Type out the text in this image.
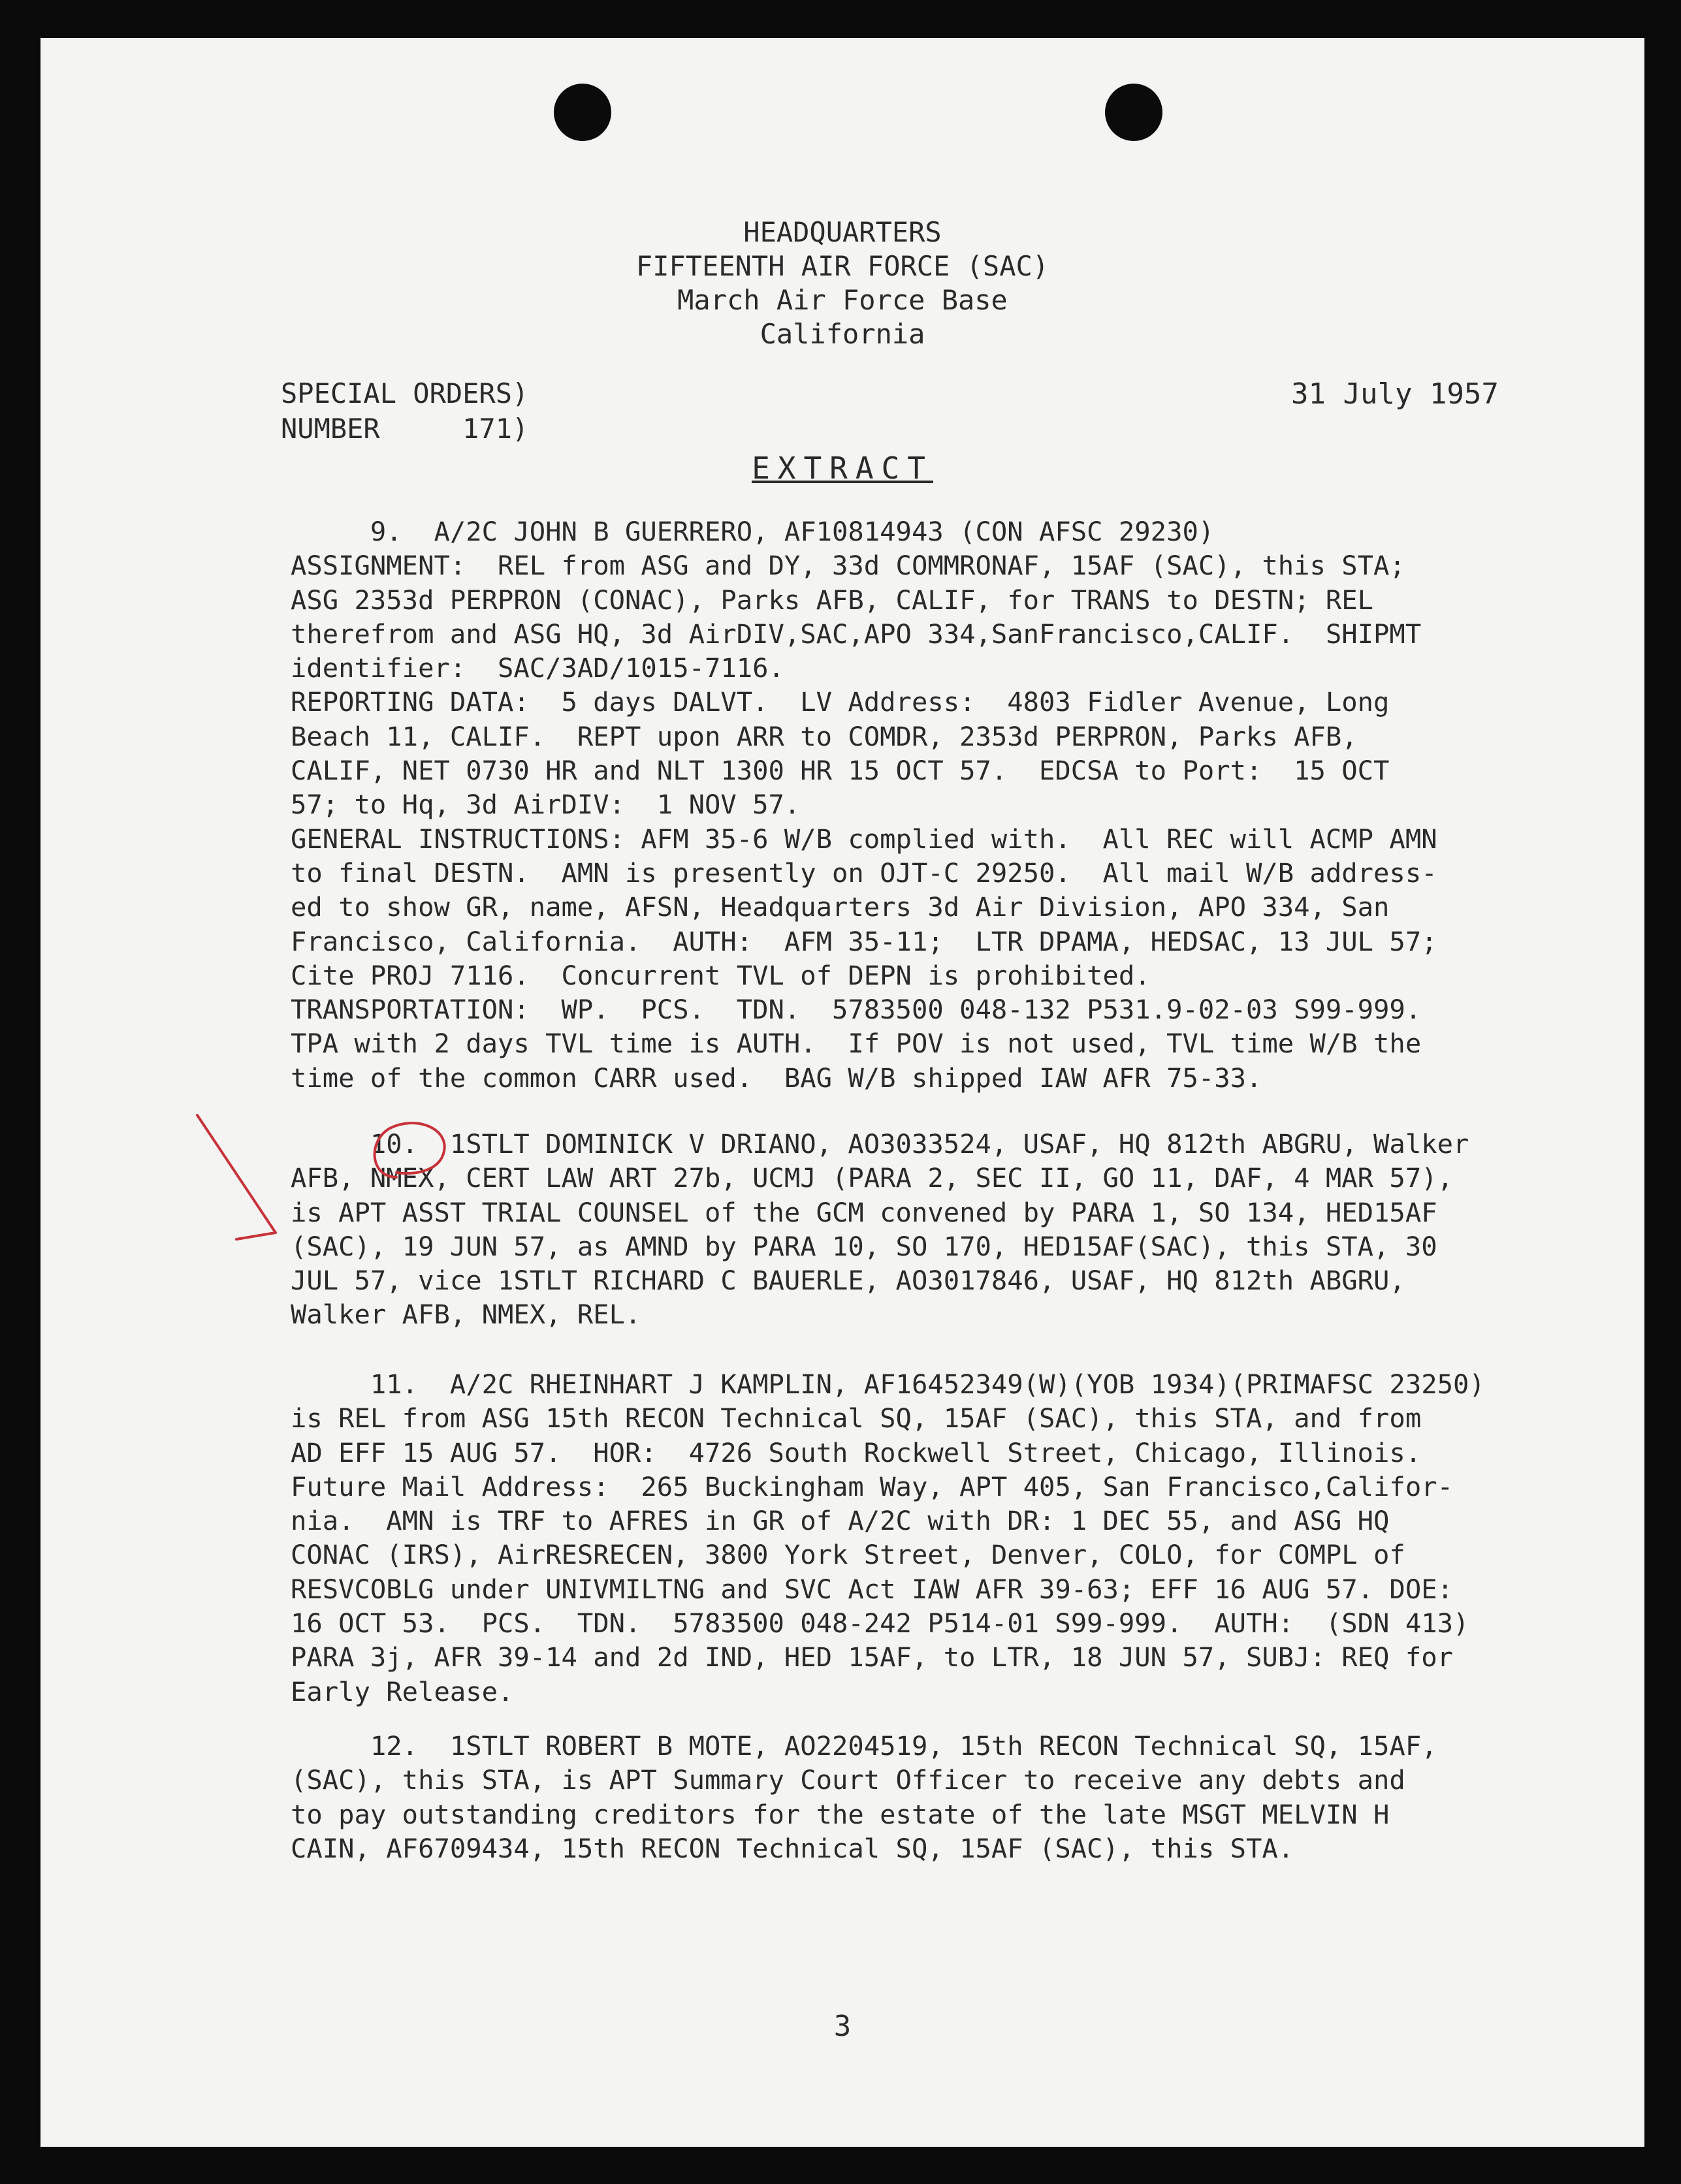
HEADQUARTERS
FIFTEENTH AIR FORCE (SAC)
March Air Force Base
California
SPECIAL ORDERS)
NUMBER     171)
31 July 1957
EXTRACT
9.  A/2C JOHN B GUERRERO, AF10814943 (CON AFSC 29230)
ASSIGNMENT:  REL from ASG and DY, 33d COMMRONAF, 15AF (SAC), this STA;
ASG 2353d PERPRON (CONAC), Parks AFB, CALIF, for TRANS to DESTN; REL
therefrom and ASG HQ, 3d AirDIV,SAC,APO 334,SanFrancisco,CALIF.  SHIPMT
identifier:  SAC/3AD/1015-7116.
REPORTING DATA:  5 days DALVT.  LV Address:  4803 Fidler Avenue, Long
Beach 11, CALIF.  REPT upon ARR to COMDR, 2353d PERPRON, Parks AFB,
CALIF, NET 0730 HR and NLT 1300 HR 15 OCT 57.  EDCSA to Port:  15 OCT
57; to Hq, 3d AirDIV:  1 NOV 57.
GENERAL INSTRUCTIONS: AFM 35-6 W/B complied with.  All REC will ACMP AMN
to final DESTN.  AMN is presently on OJT-C 29250.  All mail W/B address-
ed to show GR, name, AFSN, Headquarters 3d Air Division, APO 334, San
Francisco, California.  AUTH:  AFM 35-11;  LTR DPAMA, HEDSAC, 13 JUL 57;
Cite PROJ 7116.  Concurrent TVL of DEPN is prohibited.
TRANSPORTATION:  WP.  PCS.  TDN.  5783500 048-132 P531.9-02-03 S99-999.
TPA with 2 days TVL time is AUTH.  If POV is not used, TVL time W/B the
time of the common CARR used.  BAG W/B shipped IAW AFR 75-33.
10.  1STLT DOMINICK V DRIANO, AO3033524, USAF, HQ 812th ABGRU, Walker
AFB, NMEX, CERT LAW ART 27b, UCMJ (PARA 2, SEC II, GO 11, DAF, 4 MAR 57),
is APT ASST TRIAL COUNSEL of the GCM convened by PARA 1, SO 134, HED15AF
(SAC), 19 JUN 57, as AMND by PARA 10, SO 170, HED15AF(SAC), this STA, 30
JUL 57, vice 1STLT RICHARD C BAUERLE, AO3017846, USAF, HQ 812th ABGRU,
Walker AFB, NMEX, REL.
11.  A/2C RHEINHART J KAMPLIN, AF16452349(W)(YOB 1934)(PRIMAFSC 23250)
is REL from ASG 15th RECON Technical SQ, 15AF (SAC), this STA, and from
AD EFF 15 AUG 57.  HOR:  4726 South Rockwell Street, Chicago, Illinois.
Future Mail Address:  265 Buckingham Way, APT 405, San Francisco,Califor-
nia.  AMN is TRF to AFRES in GR of A/2C with DR: 1 DEC 55, and ASG HQ
CONAC (IRS), AirRESRECEN, 3800 York Street, Denver, COLO, for COMPL of
RESVCOBLG under UNIVMILTNG and SVC Act IAW AFR 39-63; EFF 16 AUG 57. DOE:
16 OCT 53.  PCS.  TDN.  5783500 048-242 P514-01 S99-999.  AUTH:  (SDN 413)
PARA 3j, AFR 39-14 and 2d IND, HED 15AF, to LTR, 18 JUN 57, SUBJ: REQ for
Early Release.
12.  1STLT ROBERT B MOTE, AO2204519, 15th RECON Technical SQ, 15AF,
(SAC), this STA, is APT Summary Court Officer to receive any debts and
to pay outstanding creditors for the estate of the late MSGT MELVIN H
CAIN, AF6709434, 15th RECON Technical SQ, 15AF (SAC), this STA.
3
